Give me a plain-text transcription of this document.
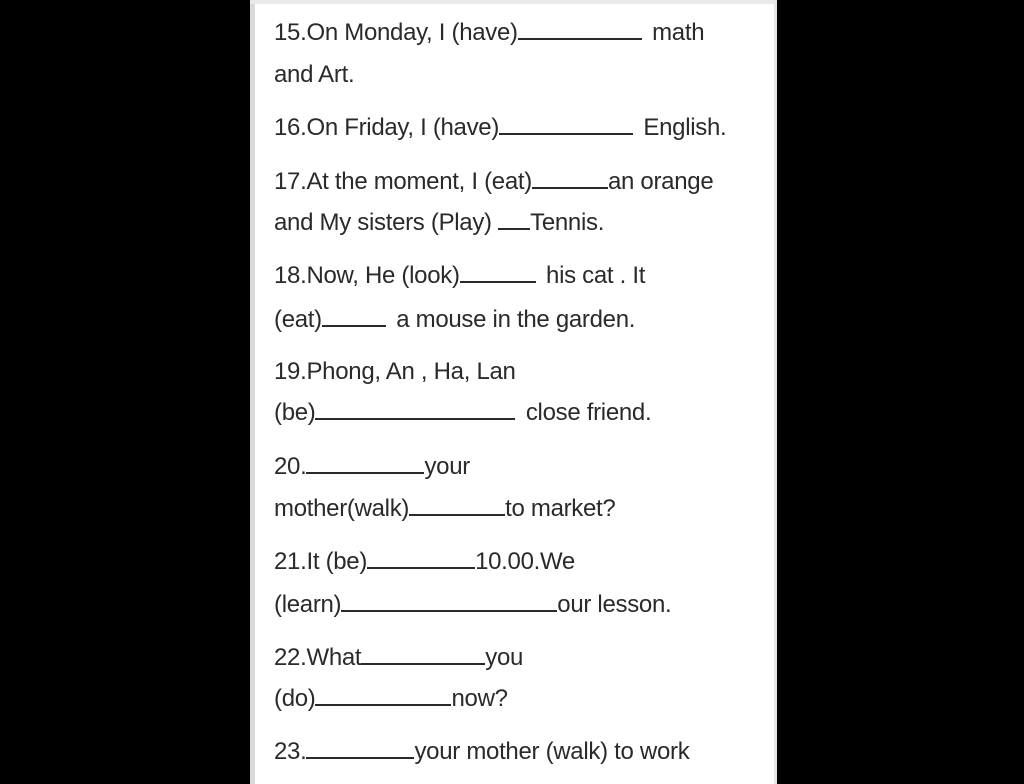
15.On Monday, I (have)	math

and Art.

16.On Friday, I (have)	English.

17.At the moment, I (eat)	an orange

and My sisters (Play) Tennis.

18.Now, He (look)	his cat . It

(eat)	a mouse in the garden.

19.Phong, An , Ha, Lan

(be)	close friend.

20.	your

mother(walk)	to market?

21.It (be)	10.00.We

(learn)	our lesson.

22.What	you

(do)	now?

23.	your mother (walk) to work
